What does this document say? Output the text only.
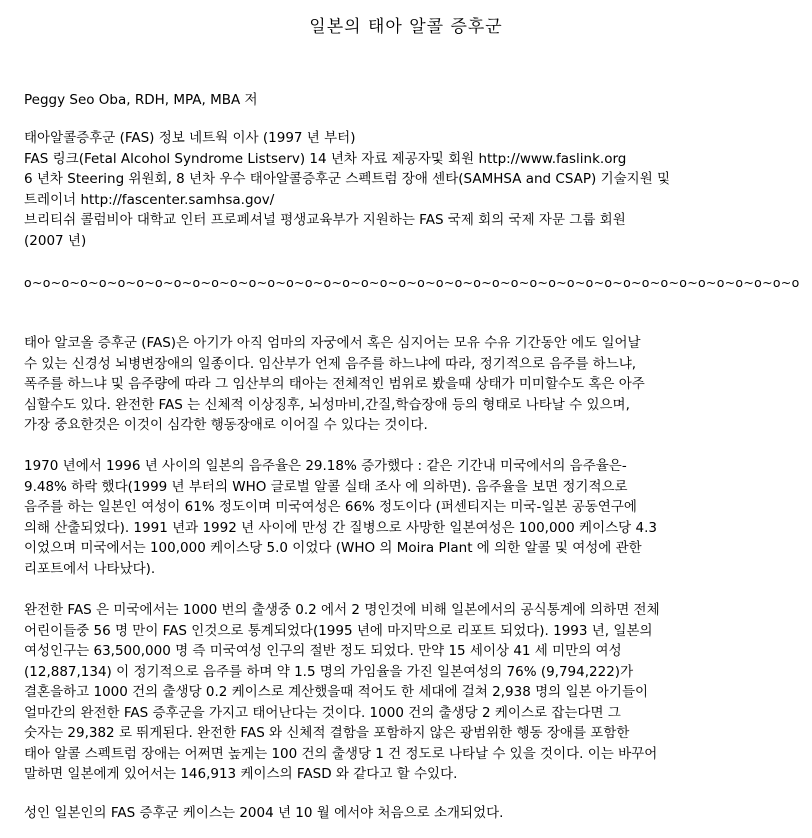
일본의 태아 알콜 증후군
Peggy Seo Oba, RDH, MPA, MBA 저
태아알콜증후군 (FAS) 정보 네트웍 이사 (1997 년 부터)
FAS 링크(Fetal Alcohol Syndrome Listserv) 14 년차 자료 제공자및 회원 http://www.faslink.org
6 년차 Steering 위원회, 8 년차 우수 태아알콜증후군 스펙트럼 장애 센타(SAMHSA and CSAP) 기술지원 및
트레이너 http://fascenter.samhsa.gov/
브리티쉬 콜럼비아 대학교 인터 프로페셔널 평생교육부가 지원하는 FAS 국제 회의 국제 자문 그룹 회원
(2007 년)
o~o~o~o~o~o~o~o~o~o~o~o~o~o~o~o~o~o~o~o~o~o~o~o~o~o~o~o~o~o~o~o~o~o~o~o~o~o~o~o~o~o
태아 알코올 증후군 (FAS)은 아기가 아직 엄마의 자궁에서 혹은 심지어는 모유 수유 기간동안 에도 일어날
수 있는 신경성 뇌병변장애의 일종이다. 임산부가 언제 음주를 하느냐에 따라, 정기적으로 음주를 하느냐,
폭주를 하느냐 및 음주량에 따라 그 임산부의 태아는 전체적인 범위로 봤을때 상태가 미미할수도 혹은 아주
심할수도 있다. 완전한 FAS 는 신체적 이상징후, 뇌성마비,간질,학습장애 등의 형태로 나타날 수 있으며,
가장 중요한것은 이것이 심각한 행동장애로 이어질 수 있다는 것이다.
1970 년에서 1996 년 사이의 일본의 음주율은 29.18% 증가했다 : 같은 기간내 미국에서의 음주율은-
9.48% 하락 했다(1999 년 부터의 WHO 글로벌 알콜 실태 조사 에 의하면). 음주율을 보면 정기적으로
음주를 하는 일본인 여성이 61% 정도이며 미국여성은 66% 정도이다 (퍼센티지는 미국-일본 공동연구에
의해 산출되었다). 1991 년과 1992 년 사이에 만성 간 질병으로 사망한 일본여성은 100,000 케이스당 4.3
이었으며 미국에서는 100,000 케이스당 5.0 이었다 (WHO 의 Moira Plant 에 의한 알콜 및 여성에 관한
리포트에서 나타났다).
완전한 FAS 은 미국에서는 1000 번의 출생중 0.2 에서 2 명인것에 비해 일본에서의 공식통계에 의하면 전체
어린이들중 56 명 만이 FAS 인것으로 통계되었다(1995 년에 마지막으로 리포트 되었다). 1993 년, 일본의
여성인구는 63,500,000 명 즉 미국여성 인구의 절반 정도 되었다. 만약 15 세이상 41 세 미만의 여성
(12,887,134) 이 정기적으로 음주를 하며 약 1.5 명의 가임율을 가진 일본여성의 76% (9,794,222)가
결혼을하고 1000 건의 출생당 0.2 케이스로 계산했을때 적어도 한 세대에 걸쳐 2,938 명의 일본 아기들이
얼마간의 완전한 FAS 증후군을 가지고 태어난다는 것이다. 1000 건의 출생당 2 케이스로 잡는다면 그
숫자는 29,382 로 뛰게된다. 완전한 FAS 와 신체적 결함을 포함하지 않은 광범위한 행동 장애를 포함한
태아 알콜 스펙트럼 장애는 어쩌면 높게는 100 건의 출생당 1 건 정도로 나타날 수 있을 것이다. 이는 바꾸어
말하면 일본에게 있어서는 146,913 케이스의 FASD 와 같다고 할 수있다.
성인 일본인의 FAS 증후군 케이스는 2004 년 10 월 에서야 처음으로 소개되었다.
